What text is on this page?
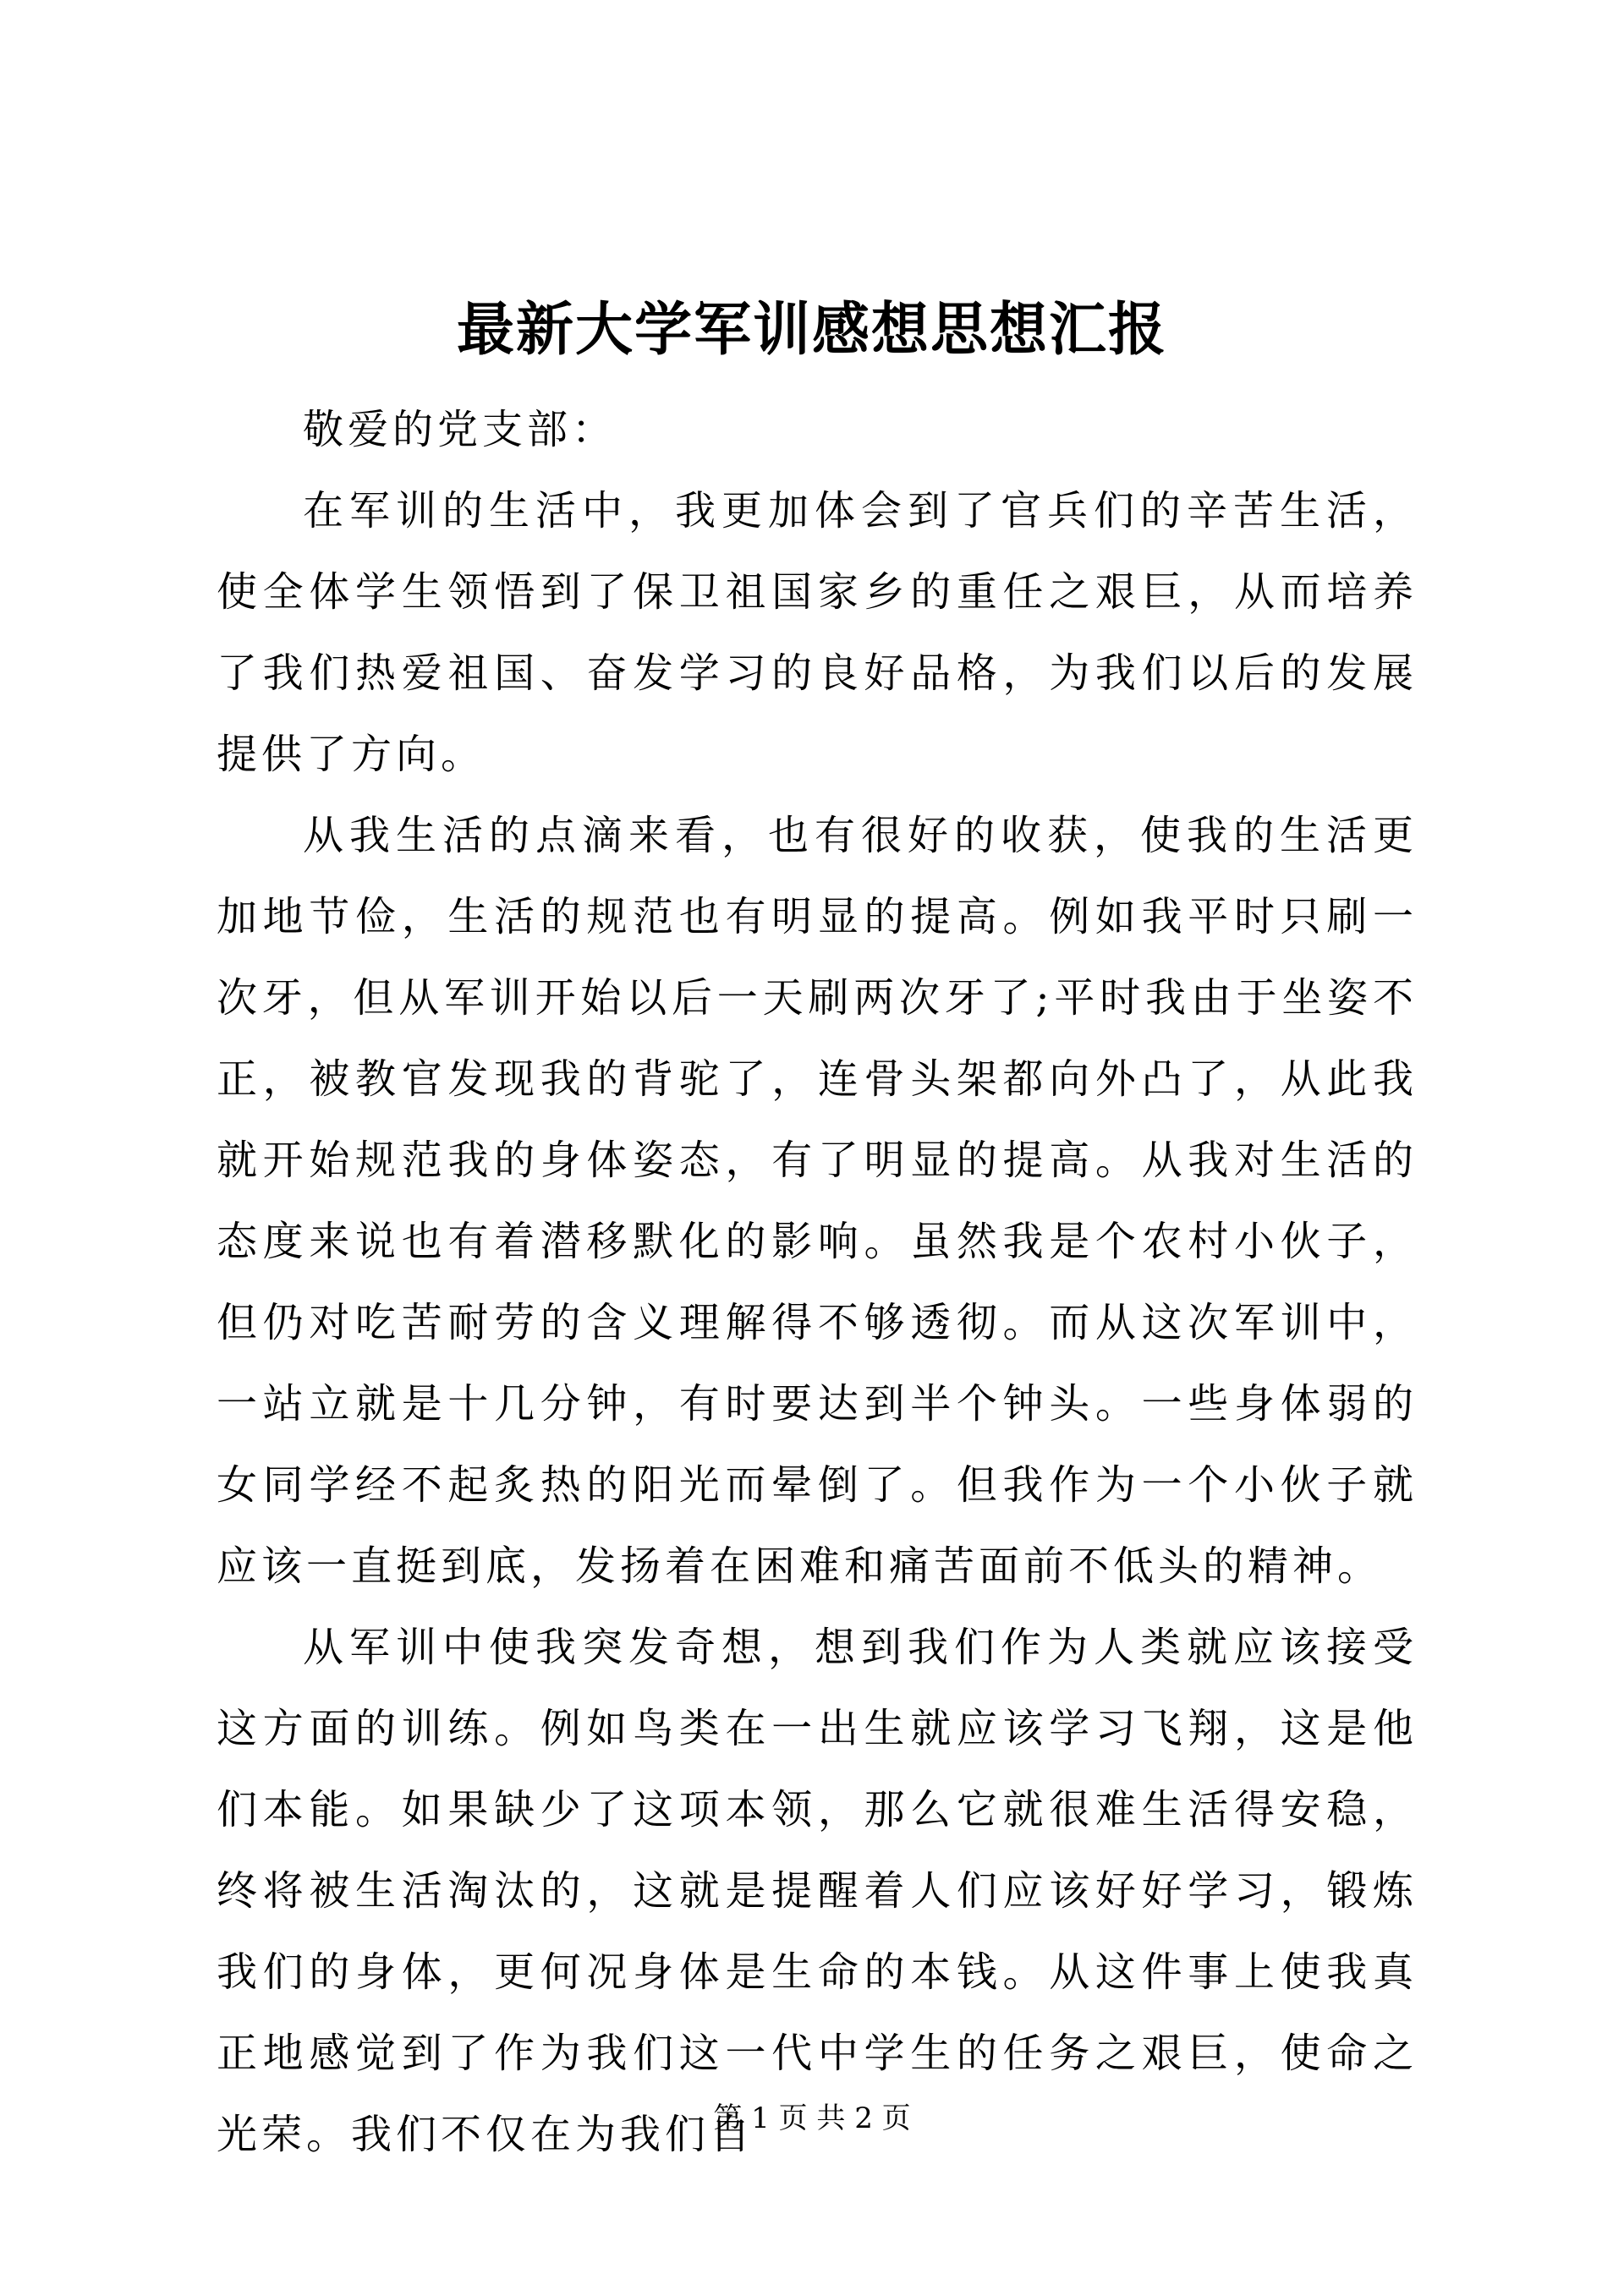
最新大学军训感想思想汇报

敬爱的党支部：

在军训的生活中，我更加体会到了官兵们的辛苦生活，使全体学生领悟到了保卫祖国家乡的重任之艰巨，从而培养了我们热爱祖国、奋发学习的良好品格，为我们以后的发展提供了方向。

从我生活的点滴来看，也有很好的收获，使我的生活更加地节俭，生活的规范也有明显的提高。例如我平时只刷一次牙，但从军训开始以后一天刷两次牙了;平时我由于坐姿不正，被教官发现我的背驼了，连骨头架都向外凸了，从此我就开始规范我的身体姿态，有了明显的提高。从我对生活的态度来说也有着潜移默化的影响。虽然我是个农村小伙子，但仍对吃苦耐劳的含义理解得不够透彻。而从这次军训中，一站立就是十几分钟，有时要达到半个钟头。一些身体弱的女同学经不起炙热的阳光而晕倒了。但我作为一个小伙子就应该一直挺到底，发扬着在困难和痛苦面前不低头的精神。

从军训中使我突发奇想，想到我们作为人类就应该接受这方面的训练。例如鸟类在一出生就应该学习飞翔，这是他们本能。如果缺少了这项本领，那么它就很难生活得安稳，终将被生活淘汰的，这就是提醒着人们应该好好学习，锻炼我们的身体，更何况身体是生命的本钱。从这件事上使我真正地感觉到了作为我们这一代中学生的任务之艰巨，使命之光荣。我们不仅在为我们自

第 1 页 共 2 页
